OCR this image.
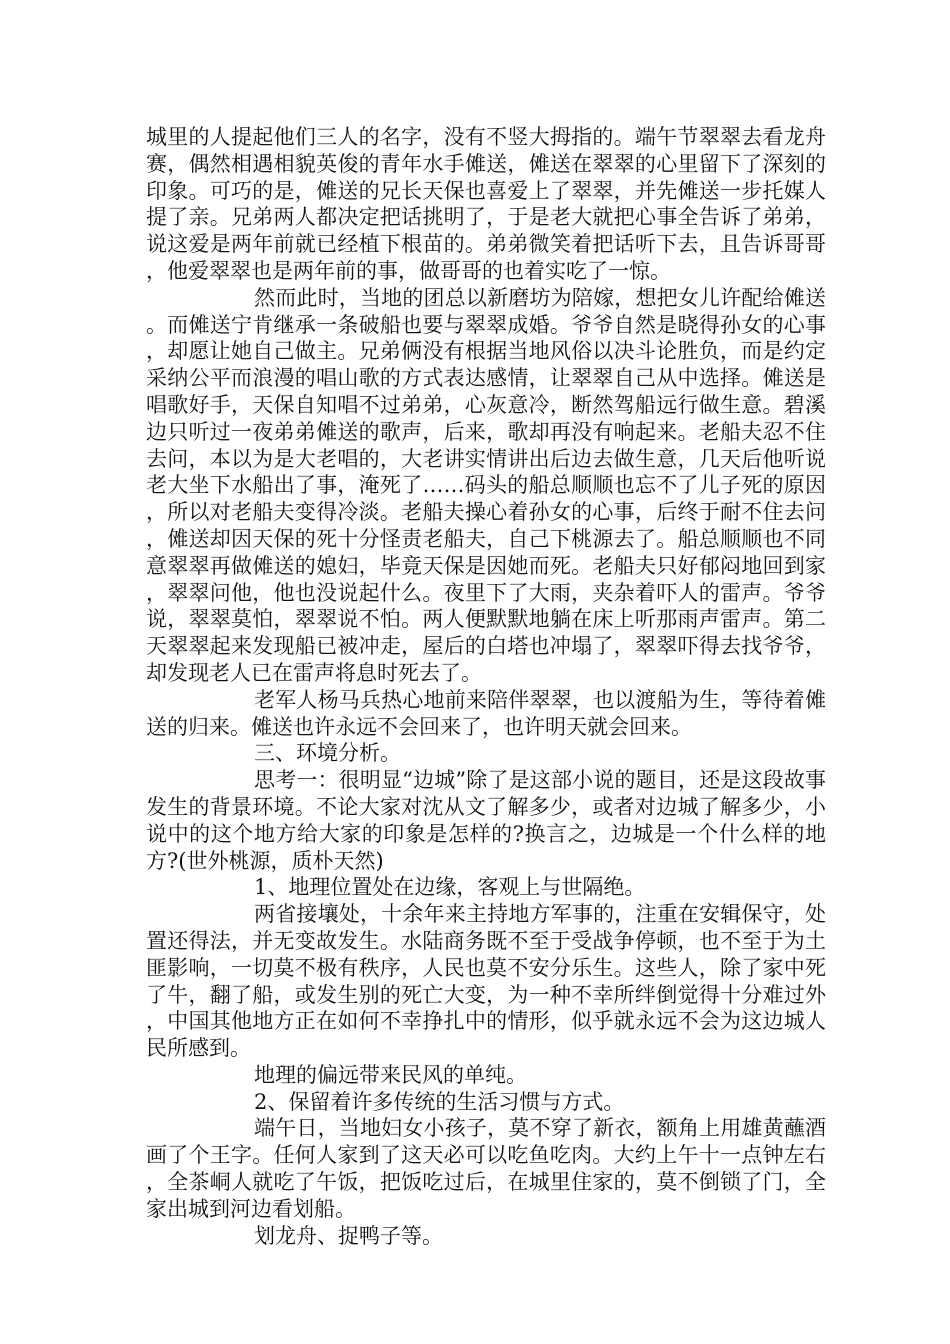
城里的人提起他们三人的名字，没有不竖大拇指的。端午节翠翠去看龙舟赛，偶然相遇相貌英俊的青年水手傩送，傩送在翠翠的心里留下了深刻的印象。可巧的是，傩送的兄长天保也喜爱上了翠翠，并先傩送一步托媒人提了亲。兄弟两人都决定把话挑明了，于是老大就把心事全告诉了弟弟，说这爱是两年前就已经植下根苗的。弟弟微笑着把话听下去，且告诉哥哥，他爱翠翠也是两年前的事，做哥哥的也着实吃了一惊。

然而此时，当地的团总以新磨坊为陪嫁，想把女儿许配给傩送。而傩送宁肯继承一条破船也要与翠翠成婚。爷爷自然是晓得孙女的心事，却愿让她自己做主。兄弟俩没有根据当地风俗以决斗论胜负，而是约定采纳公平而浪漫的唱山歌的方式表达感情，让翠翠自己从中选择。傩送是唱歌好手，天保自知唱不过弟弟，心灰意冷，断然驾船远行做生意。碧溪边只听过一夜弟弟傩送的歌声，后来，歌却再没有响起来。老船夫忍不住去问，本以为是大老唱的，大老讲实情讲出后边去做生意，几天后他听说老大坐下水船出了事，淹死了……码头的船总顺顺也忘不了儿子死的原因，所以对老船夫变得冷淡。老船夫操心着孙女的心事，后终于耐不住去问，傩送却因天保的死十分怪责老船夫，自己下桃源去了。船总顺顺也不同意翠翠再做傩送的媳妇，毕竟天保是因她而死。老船夫只好郁闷地回到家，翠翠问他，他也没说起什么。夜里下了大雨，夹杂着吓人的雷声。爷爷说，翠翠莫怕，翠翠说不怕。两人便默默地躺在床上听那雨声雷声。第二天翠翠起来发现船已被冲走，屋后的白塔也冲塌了，翠翠吓得去找爷爷，却发现老人已在雷声将息时死去了。

老军人杨马兵热心地前来陪伴翠翠，也以渡船为生，等待着傩送的归来。傩送也许永远不会回来了，也许明天就会回来。

三、环境分析。

思考一：很明显“边城”除了是这部小说的题目，还是这段故事发生的背景环境。不论大家对沈从文了解多少，或者对边城了解多少，小说中的这个地方给大家的印象是怎样的?换言之，边城是一个什么样的地方?(世外桃源，质朴天然)

1、地理位置处在边缘，客观上与世隔绝。

两省接壤处，十余年来主持地方军事的，注重在安辑保守，处置还得法，并无变故发生。水陆商务既不至于受战争停顿，也不至于为土匪影响，一切莫不极有秩序，人民也莫不安分乐生。这些人，除了家中死了牛，翻了船，或发生别的死亡大变，为一种不幸所绊倒觉得十分难过外，中国其他地方正在如何不幸挣扎中的情形，似乎就永远不会为这边城人民所感到。

地理的偏远带来民风的单纯。

2、保留着许多传统的生活习惯与方式。

端午日，当地妇女小孩子，莫不穿了新衣，额角上用雄黄蘸酒画了个王字。任何人家到了这天必可以吃鱼吃肉。大约上午十一点钟左右，全茶峒人就吃了午饭，把饭吃过后，在城里住家的，莫不倒锁了门，全家出城到河边看划船。

划龙舟、捉鸭子等。
